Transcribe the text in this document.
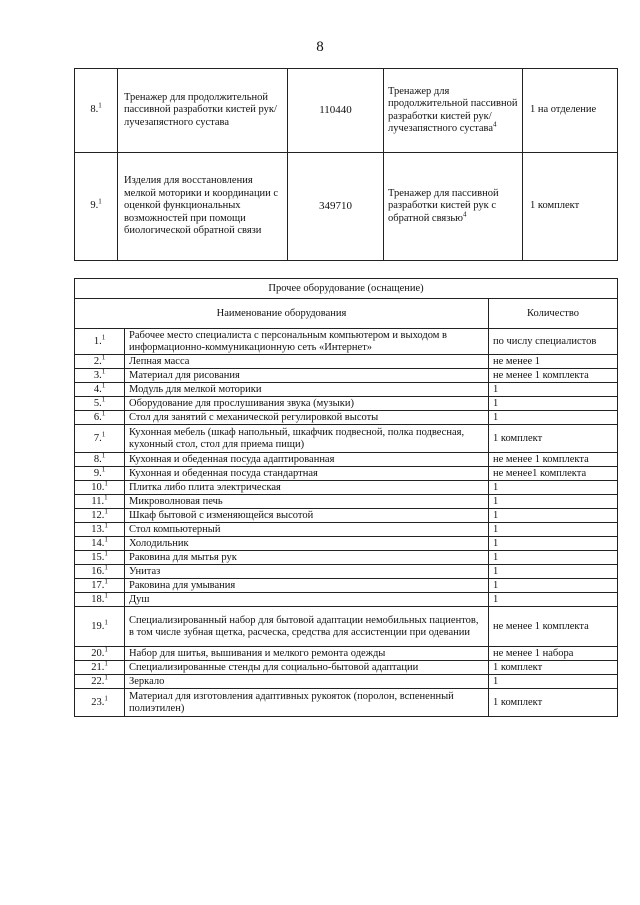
8
8.$^1$	Тренажер для продолжительной пассивной разработки кистей рук/лучезапястного сустава	110440	Тренажер для продолжительной пассивной разработки кистей рук/лучезапястного сустава$^4$	1 на отделение
9.$^1$	Изделия для восстановления мелкой моторики и координации с оценкой функциональных возможностей при помощи биологической обратной связи	349710	Тренажер для пассивной разработки кистей рук с обратной связью$^4$	1 комплект
Прочее оборудование (оснащение)		
Наименование оборудования		Количество
1.$^1$	Рабочее место специалиста с персональным компьютером и выходом в информационно-коммуникационную сеть «Интернет»	по числу специалистов
2.$^1$	Лепная масса	не менее 1
3.$^1$	Материал для рисования	не менее 1 комплекта
4.$^1$	Модуль для мелкой моторики	1
5.$^1$	Оборудование для прослушивания звука (музыки)	1
6.$^1$	Стол для занятий с механической регулировкой высоты	1
7.$^1$	Кухонная мебель (шкаф напольный, шкафчик подвесной, полка подвесная, кухонный стол, стол для приема пищи)	1 комплект
8.$^1$	Кухонная и обеденная посуда адаптированная	не менее 1 комплекта
9.$^1$	Кухонная и обеденная посуда стандартная	не менее1 комплекта
10.$^1$	Плитка либо плита электрическая	1
11.$^1$	Микроволновая печь	1
12.$^1$	Шкаф бытовой с изменяющейся высотой	1
13.$^1$	Стол компьютерный	1
14.$^1$	Холодильник	1
15.$^1$	Раковина для мытья рук	1
16.$^1$	Унитаз	1
17.$^1$	Раковина для умывания	1
18.$^1$	Душ	1
19.$^1$	Специализированный набор для бытовой адаптации немобильных пациентов, в том числе зубная щетка, расческа, средства для ассистенции при одевании	не менее 1 комплекта
20.$^1$	Набор для шитья, вышивания и мелкого ремонта одежды	не менее 1 набора
21.$^1$	Специализированные стенды для социально-бытовой адаптации	1 комплект
22.$^1$	Зеркало	1
23.$^1$	Материал для изготовления адаптивных рукояток (поролон, вспененный полиэтилен)	1 комплект
